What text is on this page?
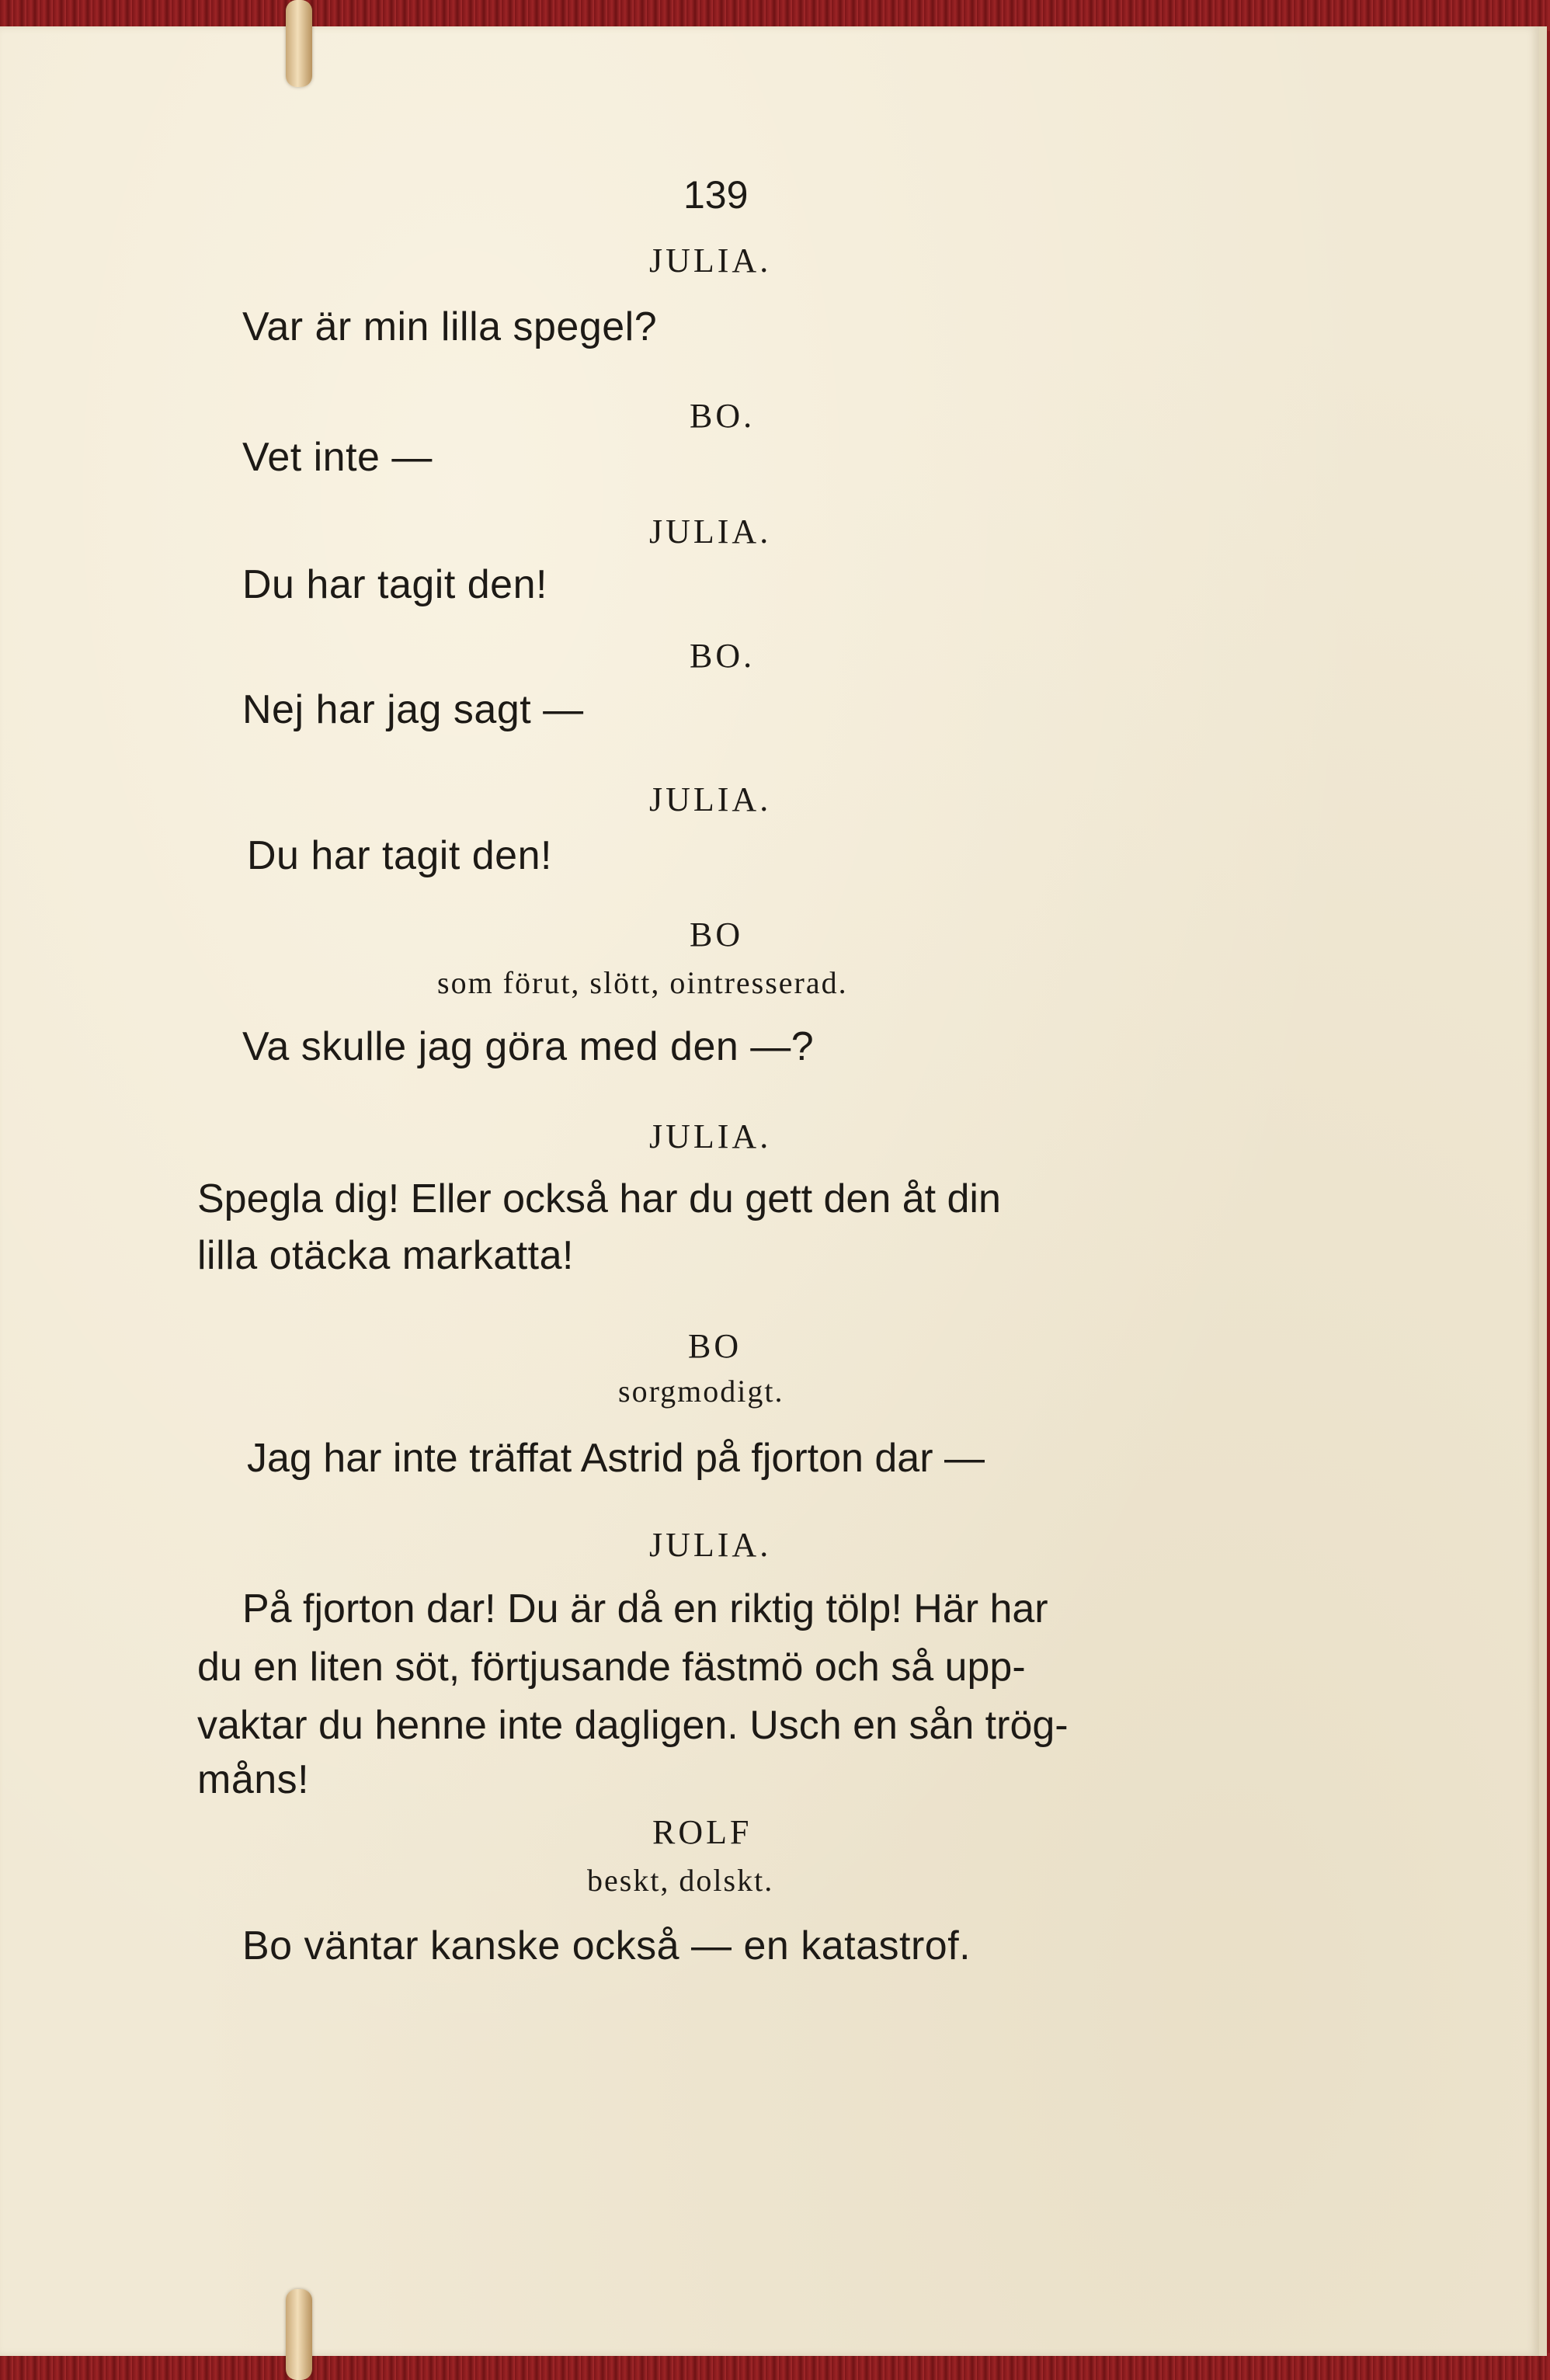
139
JULIA.
Var är min lilla spegel?
BO.
Vet inte —
JULIA.
Du har tagit den!
BO.
Nej har jag sagt —
JULIA.
Du har tagit den!
BO
som förut, slött, ointresserad.
Va skulle jag göra med den —?
JULIA.
Spegla dig! Eller också har du gett den åt din
lilla otäcka markatta!
BO
sorgmodigt.
Jag har inte träffat Astrid på fjorton dar —
JULIA.
På fjorton dar! Du är då en riktig tölp! Här har
du en liten söt, förtjusande fästmö och så upp-
vaktar du henne inte dagligen. Usch en sån trög-
måns!
ROLF
beskt, dolskt.
Bo väntar kanske också — en katastrof.
